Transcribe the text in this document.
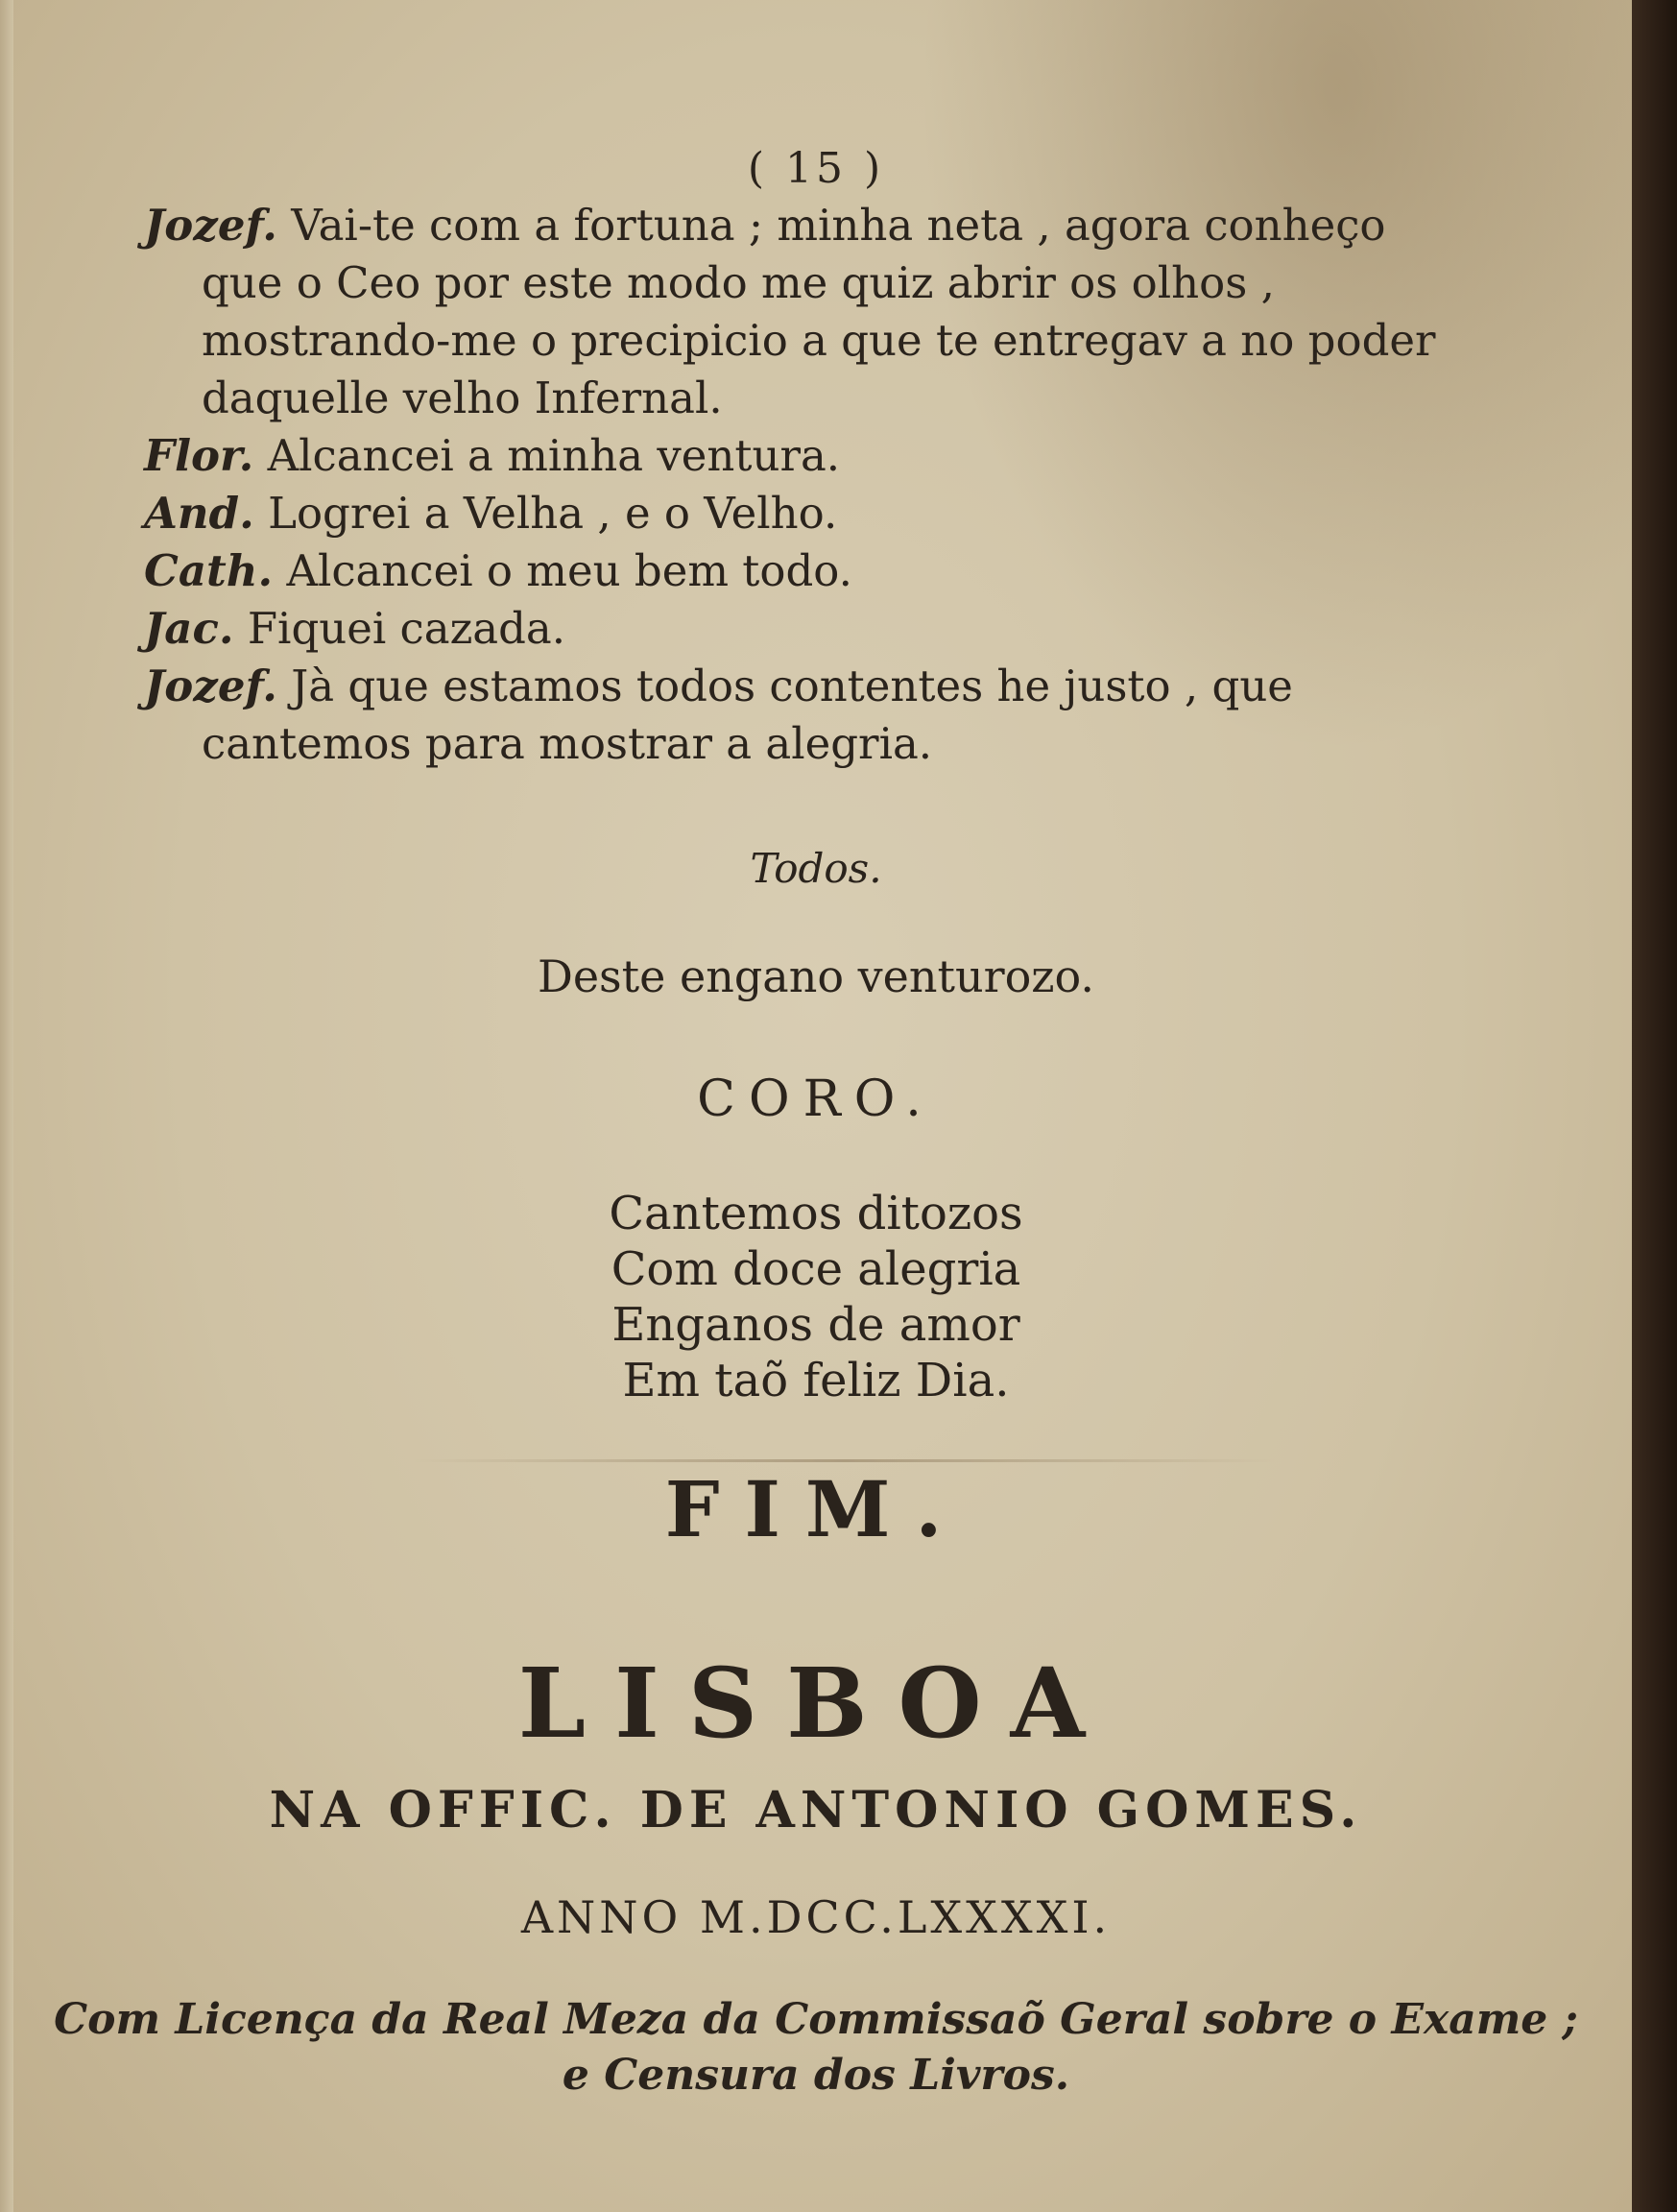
( 15 )

Jozef. Vai-te com a fortuna ; minha neta , agora conheço que o Ceo por este modo me quiz abrir os olhos , mostrando-me o precipicio a que te entregav a no poder daquelle velho Infernal.

Flor. Alcancei a minha ventura.

And. Logrei a Velha , e o Velho.

Cath. Alcancei o meu bem todo.

Jac. Fiquei cazada.

Jozef. Jà que estamos todos contentes he justo , que cantemos para mostrar a alegria.

Todos.
Deste engano venturozo.
CORO.
Cantemos ditozos
Com doce alegria
Enganos de amor
Em taõ feliz Dia.
FIM.
LISBOA
NA OFFIC. DE ANTONIO GOMES.
ANNO M.DCC.LXXXXI.
Com Licença da Real Meza da Commissaõ Geral sobre o Exame ;
e Censura dos Livros.
